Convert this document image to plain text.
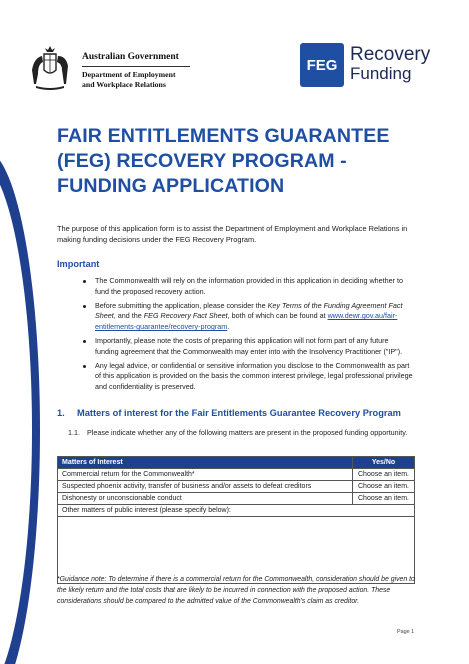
Australian Government
Department of Employment
and Workplace Relations
FEG Recovery
Funding
FAIR ENTITLEMENTS GUARANTEE
(FEG) RECOVERY PROGRAM -
FUNDING APPLICATION

The purpose of this application form is to assist the Department of Employment and Workplace Relations in making funding decisions under the FEG Recovery Program.

Important
The Commonwealth will rely on the information provided in this application in deciding whether to fund the proposed recovery action.
Before submitting the application, please consider the Key Terms of the Funding Agreement Fact Sheet, and the FEG Recovery Fact Sheet, both of which can be found at www.dewr.gov.au/fair-entitlements-guarantee/recovery-program.
Importantly, please note the costs of preparing this application will not form part of any future funding agreement that the Commonwealth may enter into with the Insolvency Practitioner ("IP").
Any legal advice, or confidential or sensitive information you disclose to the Commonwealth as part of this application is provided on the basis the common interest privilege, legal professional privilege and confidentiality is preserved.
1. Matters of interest for the Fair Entitlements Guarantee Recovery Program
1.1. Please indicate whether any of the following matters are present in the proposed funding opportunity.
Matters of Interest	Yes/No
Commercial return for the Commonwealth*	Choose an item.
Suspected phoenix activity, transfer of business and/or assets to defeat creditors	Choose an item.
Dishonesty or unconscionable conduct	Choose an item.
Other matters of public interest (please specify below):	

*Guidance note: To determine if there is a commercial return for the Commonwealth, consideration should be given to the likely return and the total costs that are likely to be incurred in connection with the proposed action. These considerations should be compared to the admitted value of the Commonwealth's claim as creditor.

Page 1
